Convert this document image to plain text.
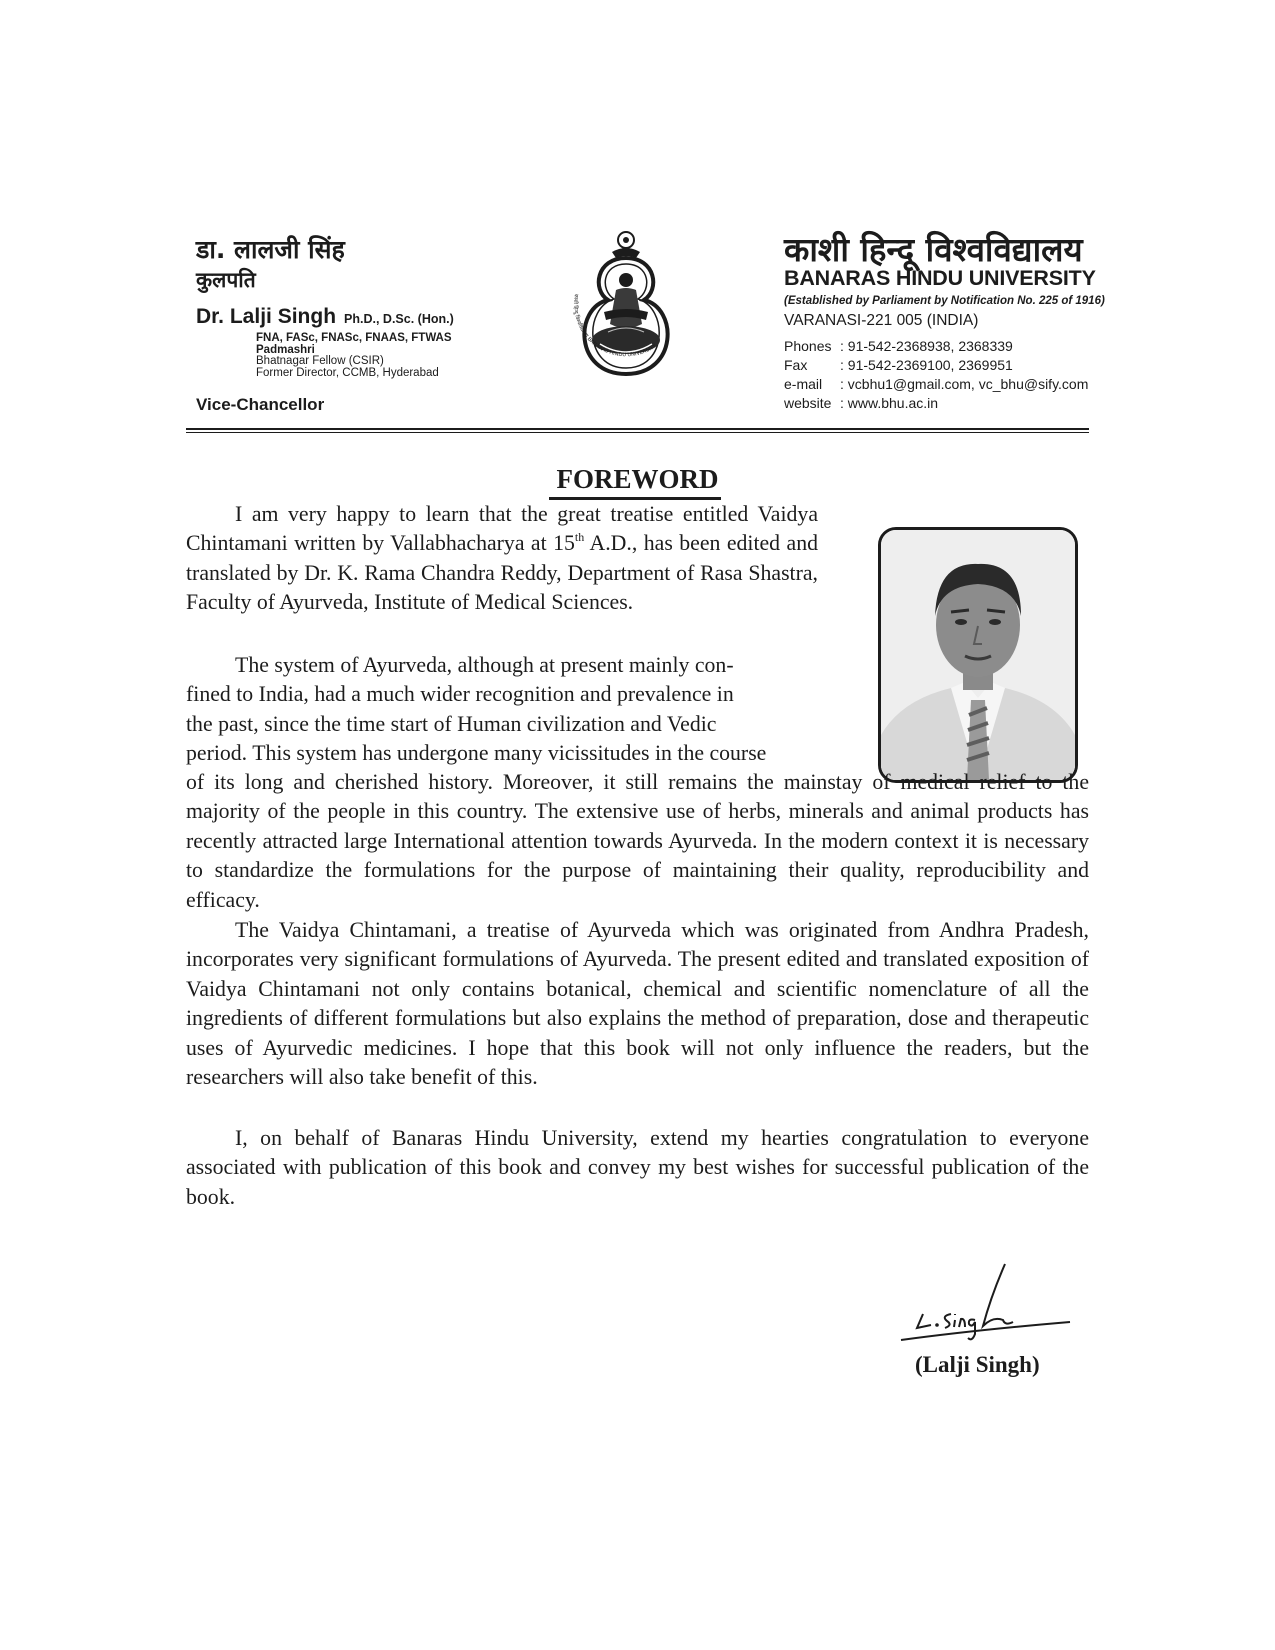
डा. लालजी सिंह
कुलपति
Dr. Lalji Singh Ph.D., D.Sc. (Hon.)
FNA, FASc, FNASc, FNAAS, FTWAS
Padmashri
Bhatnagar Fellow (CSIR)
Former Director, CCMB, Hyderabad
Vice-Chancellor
काशी हिन्दू विश्वविद्यालय BANARAS HINDU UNIVERSITY
काशी हिन्दू विश्वविद्यालय
BANARAS HINDU UNIVERSITY
(Established by Parliament by Notification No. 225 of 1916)
VARANASI-221 005 (INDIA)
Phones : 91-542-2368938, 2368339
Fax : 91-542-2369100, 2369951
e-mail : vcbhu1@gmail.com, vc_bhu@sify.com
website : www.bhu.ac.in
FOREWORD
I am very happy to learn that the great treatise entitled Vaidya Chintamani written by Vallabhacharya at 15th A.D., has been edited and translated by Dr. K. Rama Chandra Reddy, Department of Rasa Shastra, Faculty of Ayurveda, Institute of Medical Sciences.
The system of Ayurveda, although at present mainly con-
fined to India, had a much wider recognition and prevalence in
the past, since the time start of Human civilization and Vedic
period. This system has undergone many vicissitudes in the course
of its long and cherished history. Moreover, it still remains the mainstay of medical relief to the majority of the people in this country. The extensive use of herbs, minerals and animal products has recently attracted large International attention towards Ayurveda. In the modern context it is necessary to standardize the formulations for the purpose of maintaining their quality, reproducibility and efficacy.
The Vaidya Chintamani, a treatise of Ayurveda which was originated from Andhra Pradesh, incorporates very significant formulations of Ayurveda. The present edited and translated exposition of Vaidya Chintamani not only contains botanical, chemical and scientific nomenclature of all the ingredients of different formulations but also explains the method of preparation, dose and therapeutic uses of Ayurvedic medicines. I hope that this book will not only influence the readers, but the researchers will also take benefit of this.
I, on behalf of Banaras Hindu University, extend my hearties congratulation to everyone associated with publication of this book and convey my best wishes for successful publication of the book.
(Lalji Singh)
